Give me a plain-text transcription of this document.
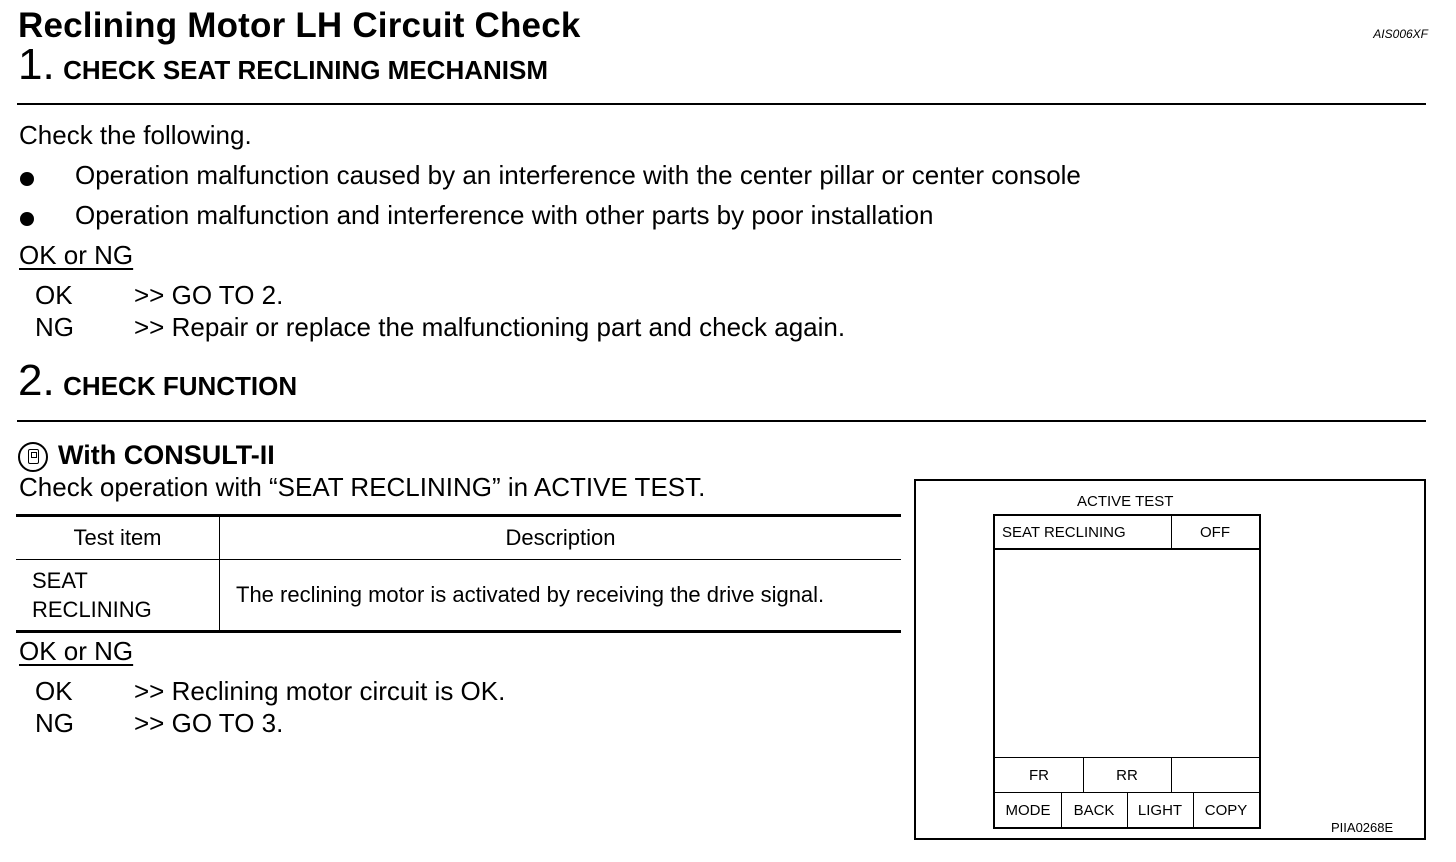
Reclining Motor LH Circuit Check	AIS006XF
1. CHECK SEAT RECLINING MECHANISM
Check the following.
Operation malfunction caused by an interference with the center pillar or center console
Operation malfunction and interference with other parts by poor installation
OK or NG
OK >> GO TO 2.
NG >> Repair or replace the malfunctioning part and check again.
2. CHECK FUNCTION
With CONSULT-II
Check operation with “SEAT RECLINING” in ACTIVE TEST.
Test item	Description
SEAT
RECLINING	The reclining motor is activated by receiving the drive signal.
OK or NG
OK >> Reclining motor circuit is OK.
NG >> GO TO 3.
ACTIVE TEST
SEAT RECLINING	OFF
FR	RR
MODE	BACK	LIGHT	COPY
PIIA0268E
